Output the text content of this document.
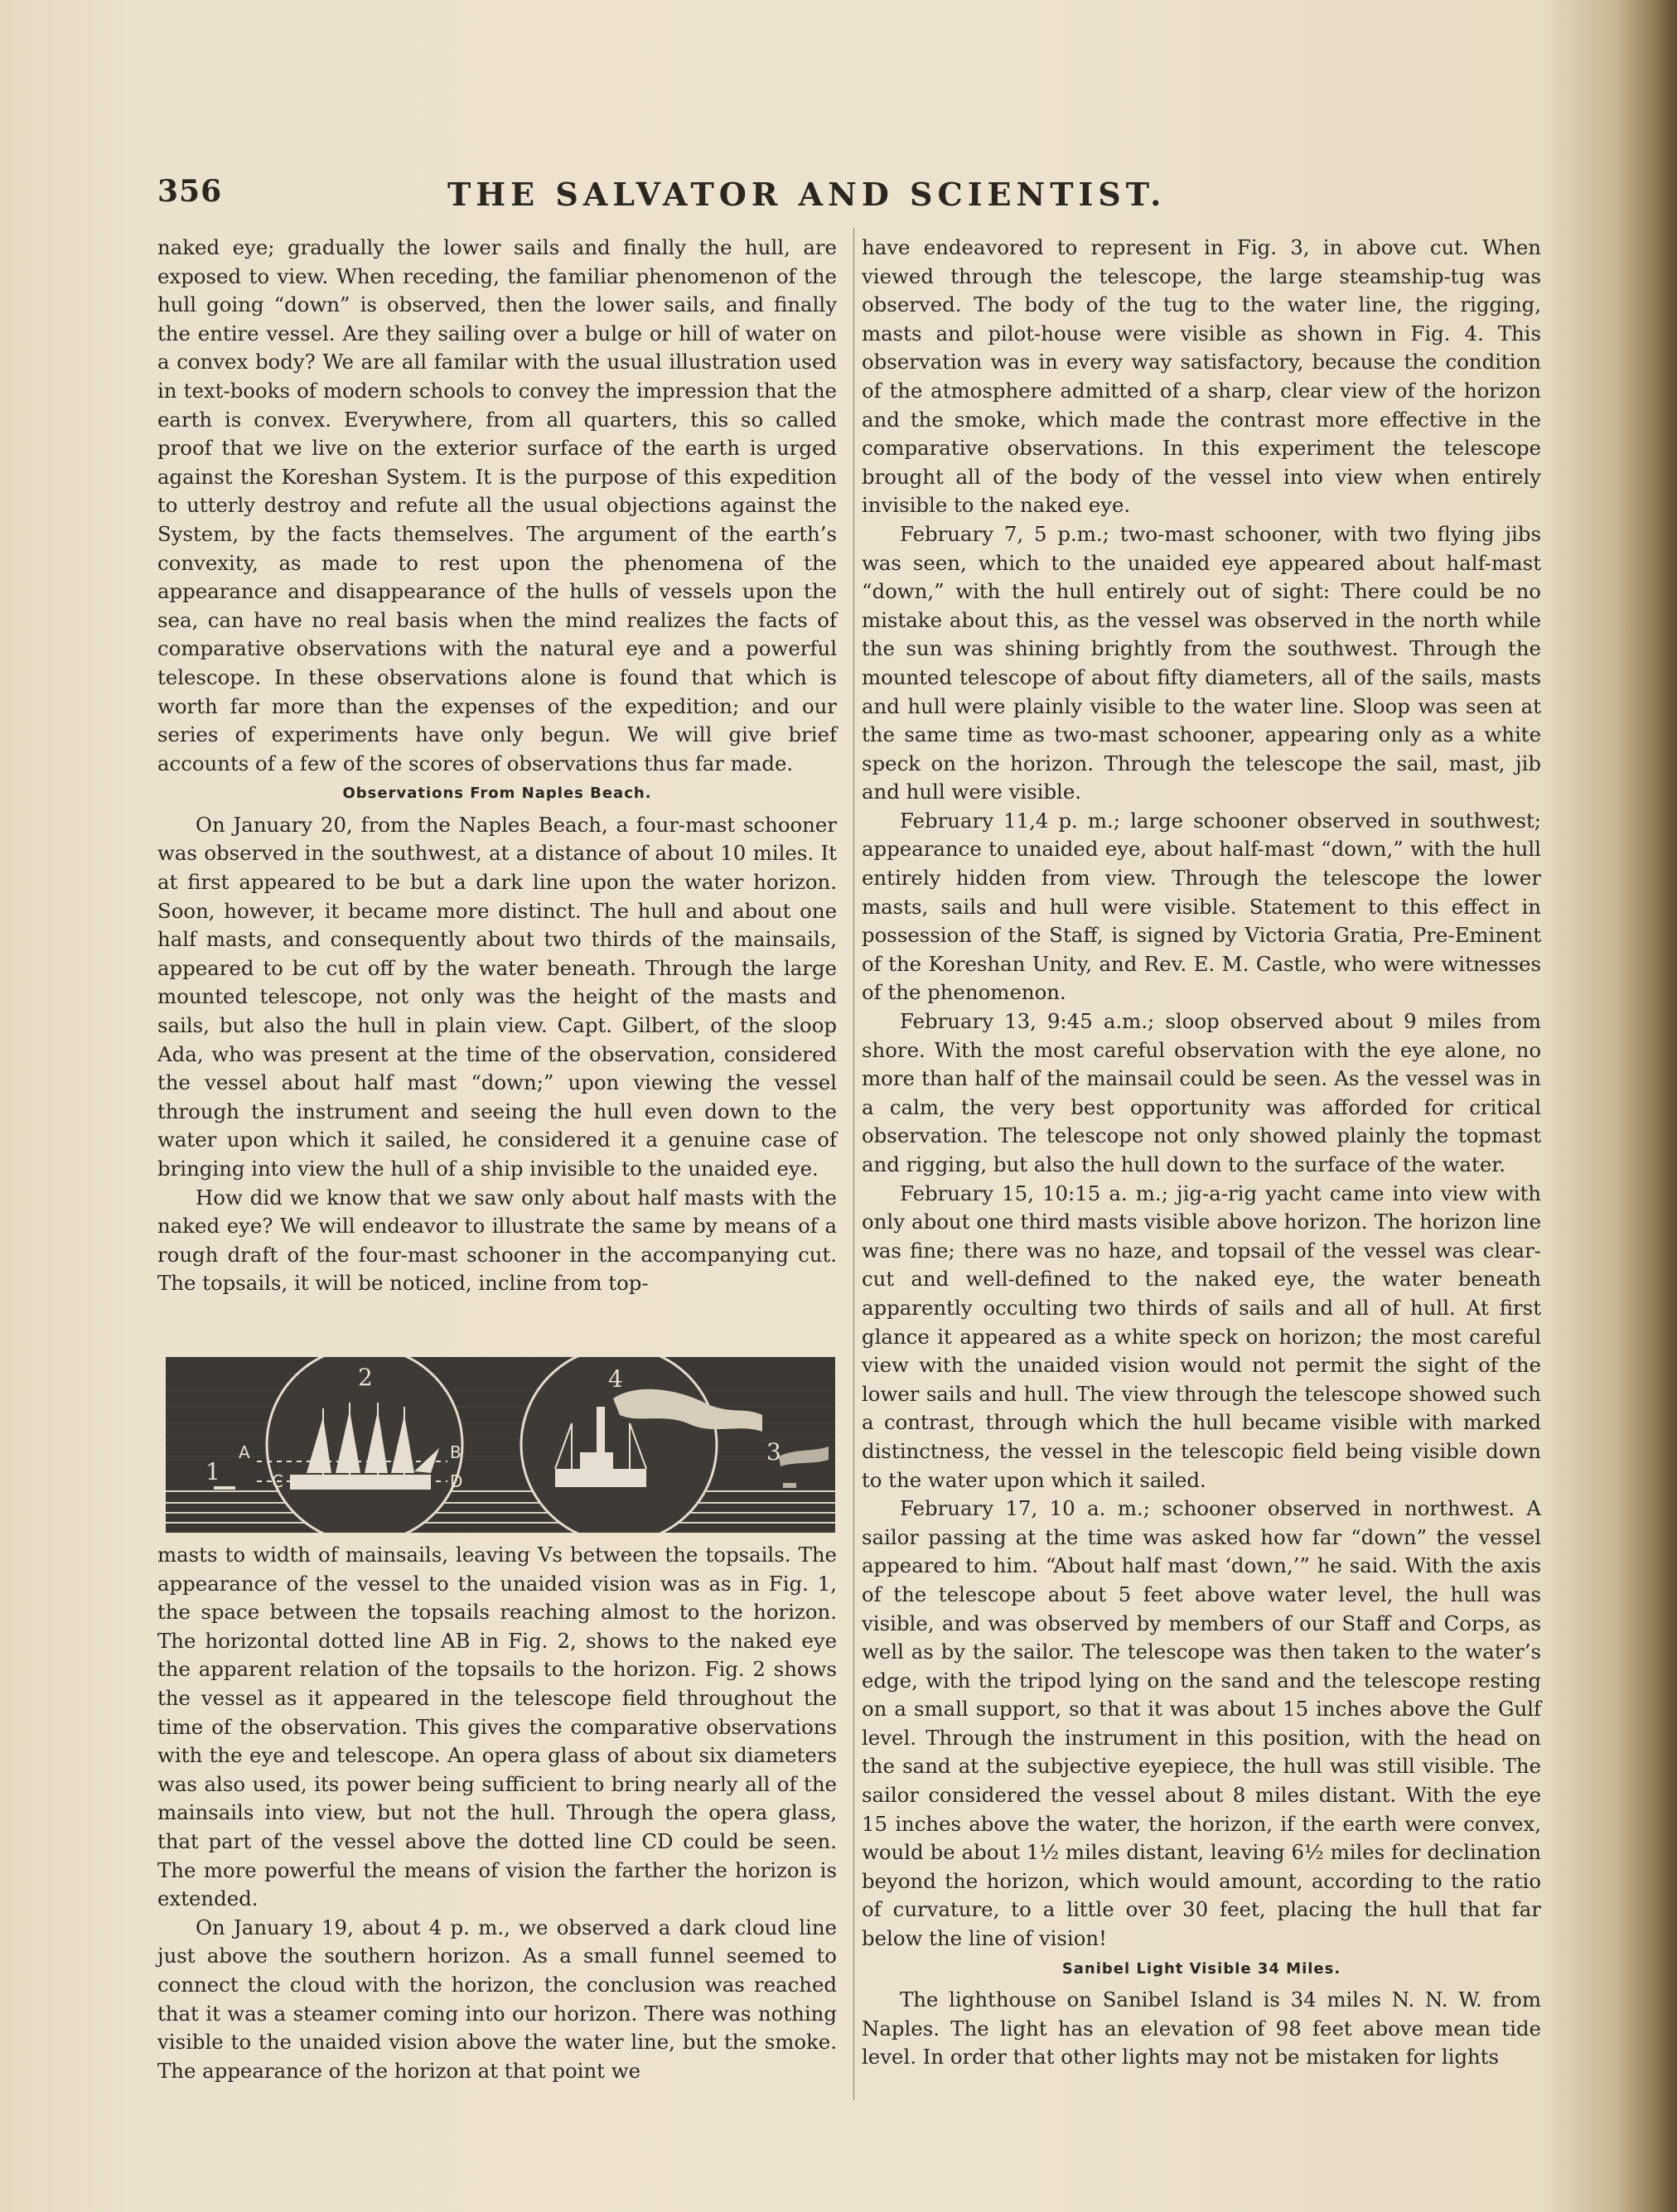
356	THE SALVATOR AND SCIENTIST.

naked eye; gradually the lower sails and finally the hull, are exposed to view. When receding, the familiar phenomenon of the hull going “down” is observed, then the lower sails, and finally the entire vessel. Are they sailing over a bulge or hill of water on a convex body? We are all familar with the usual illustration used in text-books of modern schools to convey the impression that the earth is convex. Everywhere, from all quarters, this so called proof that we live on the exterior surface of the earth is urged against the Koreshan System. It is the purpose of this expedition to utterly destroy and refute all the usual objections against the System, by the facts themselves. The argument of the earth’s convexity, as made to rest upon the phenomena of the appearance and disappearance of the hulls of vessels upon the sea, can have no real basis when the mind realizes the facts of comparative observations with the natural eye and a powerful telescope. In these observations alone is found that which is worth far more than the expenses of the expedition; and our series of experiments have only begun. We will give brief accounts of a few of the scores of observations thus far made.

Observations From Naples Beach.

On January 20, from the Naples Beach, a four-mast schooner was observed in the southwest, at a distance of about 10 miles. It at first appeared to be but a dark line upon the water horizon. Soon, however, it became more distinct. The hull and about one half masts, and consequently about two thirds of the mainsails, appeared to be cut off by the water beneath. Through the large mounted telescope, not only was the height of the masts and sails, but also the hull in plain view. Capt. Gilbert, of the sloop Ada, who was present at the time of the observation, considered the vessel about half mast “down;” upon viewing the vessel through the instrument and seeing the hull even down to the water upon which it sailed, he considered it a genuine case of bringing into view the hull of a ship invisible to the unaided eye.

How did we know that we saw only about half masts with the naked eye? We will endeavor to illustrate the same by means of a rough draft of the four-mast schooner in the accompanying cut. The topsails, it will be noticed, incline from top-

2	4
1
3
A	B
C	D

masts to width of mainsails, leaving Vs between the topsails. The appearance of the vessel to the unaided vision was as in Fig. 1, the space between the topsails reaching almost to the horizon. The horizontal dotted line AB in Fig. 2, shows to the naked eye the apparent relation of the topsails to the horizon. Fig. 2 shows the vessel as it appeared in the telescope field throughout the time of the observation. This gives the comparative observations with the eye and telescope. An opera glass of about six diameters was also used, its power being sufficient to bring nearly all of the mainsails into view, but not the hull. Through the opera glass, that part of the vessel above the dotted line CD could be seen. The more powerful the means of vision the farther the horizon is extended.

On January 19, about 4 p. m., we observed a dark cloud line just above the southern horizon. As a small funnel seemed to connect the cloud with the horizon, the conclusion was reached that it was a steamer coming into our horizon. There was nothing visible to the unaided vision above the water line, but the smoke. The appearance of the horizon at that point we

have endeavored to represent in Fig. 3, in above cut. When viewed through the telescope, the large steamship-tug was observed. The body of the tug to the water line, the rigging, masts and pilot-house were visible as shown in Fig. 4. This observation was in every way satisfactory, because the condition of the atmosphere admitted of a sharp, clear view of the horizon and the smoke, which made the contrast more effective in the comparative observations. In this experiment the telescope brought all of the body of the vessel into view when entirely invisible to the naked eye.

February 7, 5 p.m.; two-mast schooner, with two flying jibs was seen, which to the unaided eye appeared about half-mast “down,” with the hull entirely out of sight: There could be no mistake about this, as the vessel was observed in the north while the sun was shining brightly from the southwest. Through the mounted telescope of about fifty diameters, all of the sails, masts and hull were plainly visible to the water line. Sloop was seen at the same time as two-mast schooner, appearing only as a white speck on the horizon. Through the telescope the sail, mast, jib and hull were visible.

February 11,4 p. m.; large schooner observed in southwest; appearance to unaided eye, about half-mast “down,” with the hull entirely hidden from view. Through the telescope the lower masts, sails and hull were visible. Statement to this effect in possession of the Staff, is signed by Victoria Gratia, Pre-Eminent of the Koreshan Unity, and Rev. E. M. Castle, who were witnesses of the phenomenon.

February 13, 9:45 a.m.; sloop observed about 9 miles from shore. With the most careful observation with the eye alone, no more than half of the mainsail could be seen. As the vessel was in a calm, the very best opportunity was afforded for critical observation. The telescope not only showed plainly the topmast and rigging, but also the hull down to the surface of the water.

February 15, 10:15 a. m.; jig-a-rig yacht came into view with only about one third masts visible above horizon. The horizon line was fine; there was no haze, and topsail of the vessel was clear-cut and well-defined to the naked eye, the water beneath apparently occulting two thirds of sails and all of hull. At first glance it appeared as a white speck on horizon; the most careful view with the unaided vision would not permit the sight of the lower sails and hull. The view through the telescope showed such a contrast, through which the hull became visible with marked distinctness, the vessel in the telescopic field being visible down to the water upon which it sailed.

February 17, 10 a. m.; schooner observed in northwest. A sailor passing at the time was asked how far “down” the vessel appeared to him. “About half mast ‘down,’” he said. With the axis of the telescope about 5 feet above water level, the hull was visible, and was observed by members of our Staff and Corps, as well as by the sailor. The telescope was then taken to the water’s edge, with the tripod lying on the sand and the telescope resting on a small support, so that it was about 15 inches above the Gulf level. Through the instrument in this position, with the head on the sand at the subjective eyepiece, the hull was still visible. The sailor considered the vessel about 8 miles distant. With the eye 15 inches above the water, the horizon, if the earth were convex, would be about 1½ miles distant, leaving 6½ miles for declination beyond the horizon, which would amount, according to the ratio of curvature, to a little over 30 feet, placing the hull that far below the line of vision!

Sanibel Light Visible 34 Miles.

The lighthouse on Sanibel Island is 34 miles N. N. W. from Naples. The light has an elevation of 98 feet above mean tide level. In order that other lights may not be mistaken for lights
